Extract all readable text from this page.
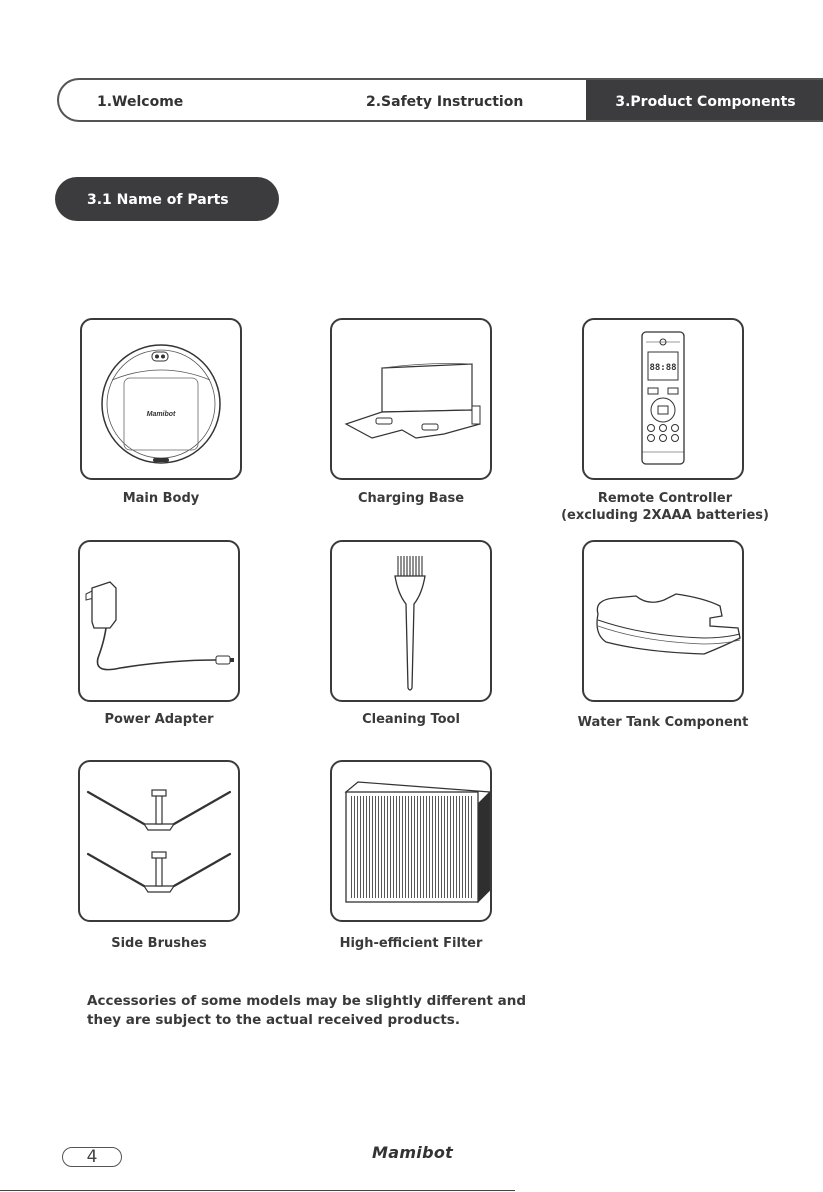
1.Welcome	2.Safety Instruction	3.Product Components
3.1 Name of Parts
Mamibot
Main Body	Charging Base
88:88
Remote Controller
(excluding 2XAAA batteries)
Power Adapter	Cleaning Tool	Water Tank Component
Side Brushes	High-efficient Filter
Accessories of some models may be slightly different and
they are subject to the actual received products.
4	Mamibot
